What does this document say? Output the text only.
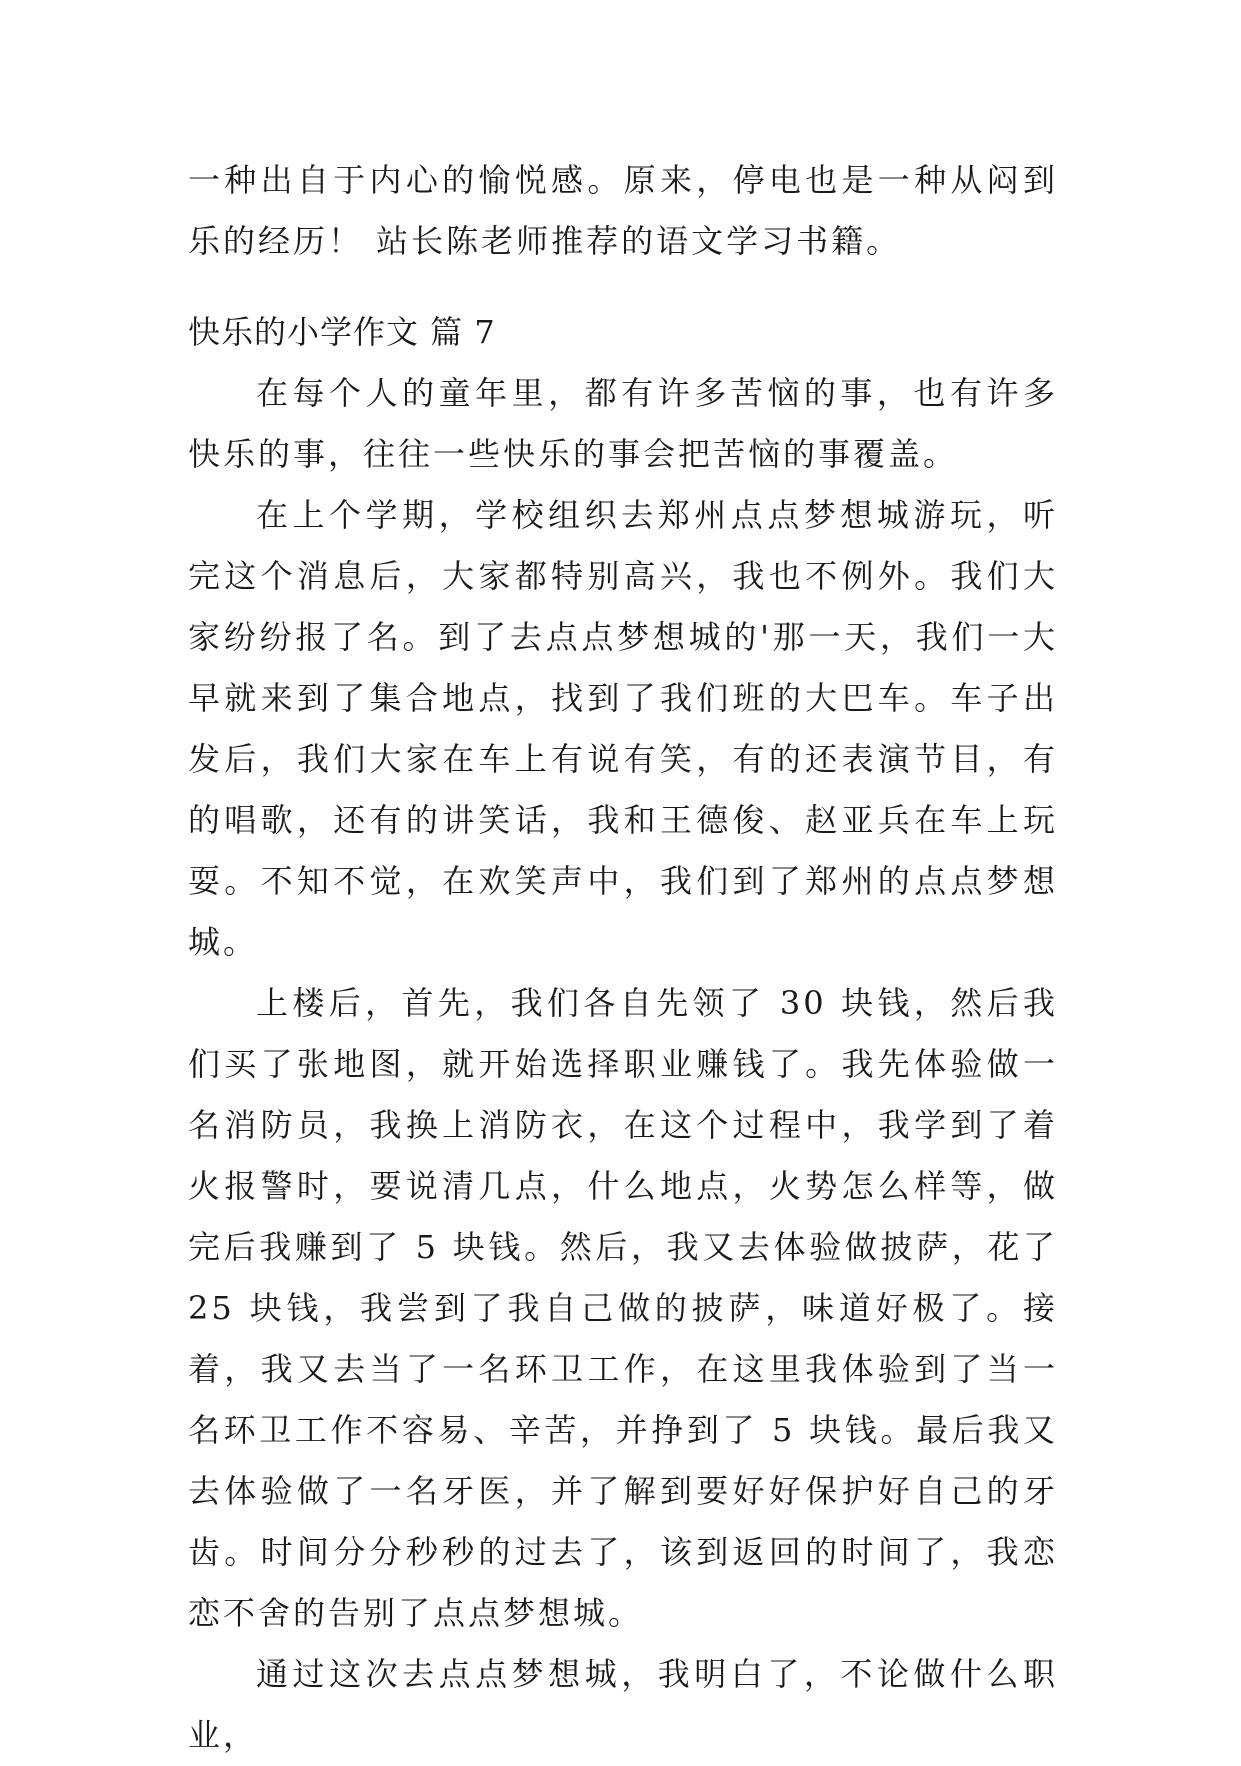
一种出自于内心的愉悦感。原来，停电也是一种从闷到乐的经历！ 站长陈老师推荐的语文学习书籍。

快乐的小学作文 篇 7

在每个人的童年里，都有许多苦恼的事，也有许多快乐的事，往往一些快乐的事会把苦恼的事覆盖。

在上个学期，学校组织去郑州点点梦想城游玩，听完这个消息后，大家都特别高兴，我也不例外。我们大家纷纷报了名。到了去点点梦想城的'那一天，我们一大早就来到了集合地点，找到了我们班的大巴车。车子出发后，我们大家在车上有说有笑，有的还表演节目，有的唱歌，还有的讲笑话，我和王德俊、赵亚兵在车上玩耍。不知不觉，在欢笑声中，我们到了郑州的点点梦想城。

上楼后，首先，我们各自先领了 30 块钱，然后我们买了张地图，就开始选择职业赚钱了。我先体验做一名消防员，我换上消防衣，在这个过程中，我学到了着火报警时，要说清几点，什么地点，火势怎么样等，做完后我赚到了 5 块钱。然后，我又去体验做披萨，花了 25 块钱，我尝到了我自己做的披萨，味道好极了。接着，我又去当了一名环卫工作，在这里我体验到了当一名环卫工作不容易、辛苦，并挣到了 5 块钱。最后我又去体验做了一名牙医，并了解到要好好保护好自己的牙齿。时间分分秒秒的过去了，该到返回的时间了，我恋恋不舍的告别了点点梦想城。

通过这次去点点梦想城，我明白了，不论做什么职业，
